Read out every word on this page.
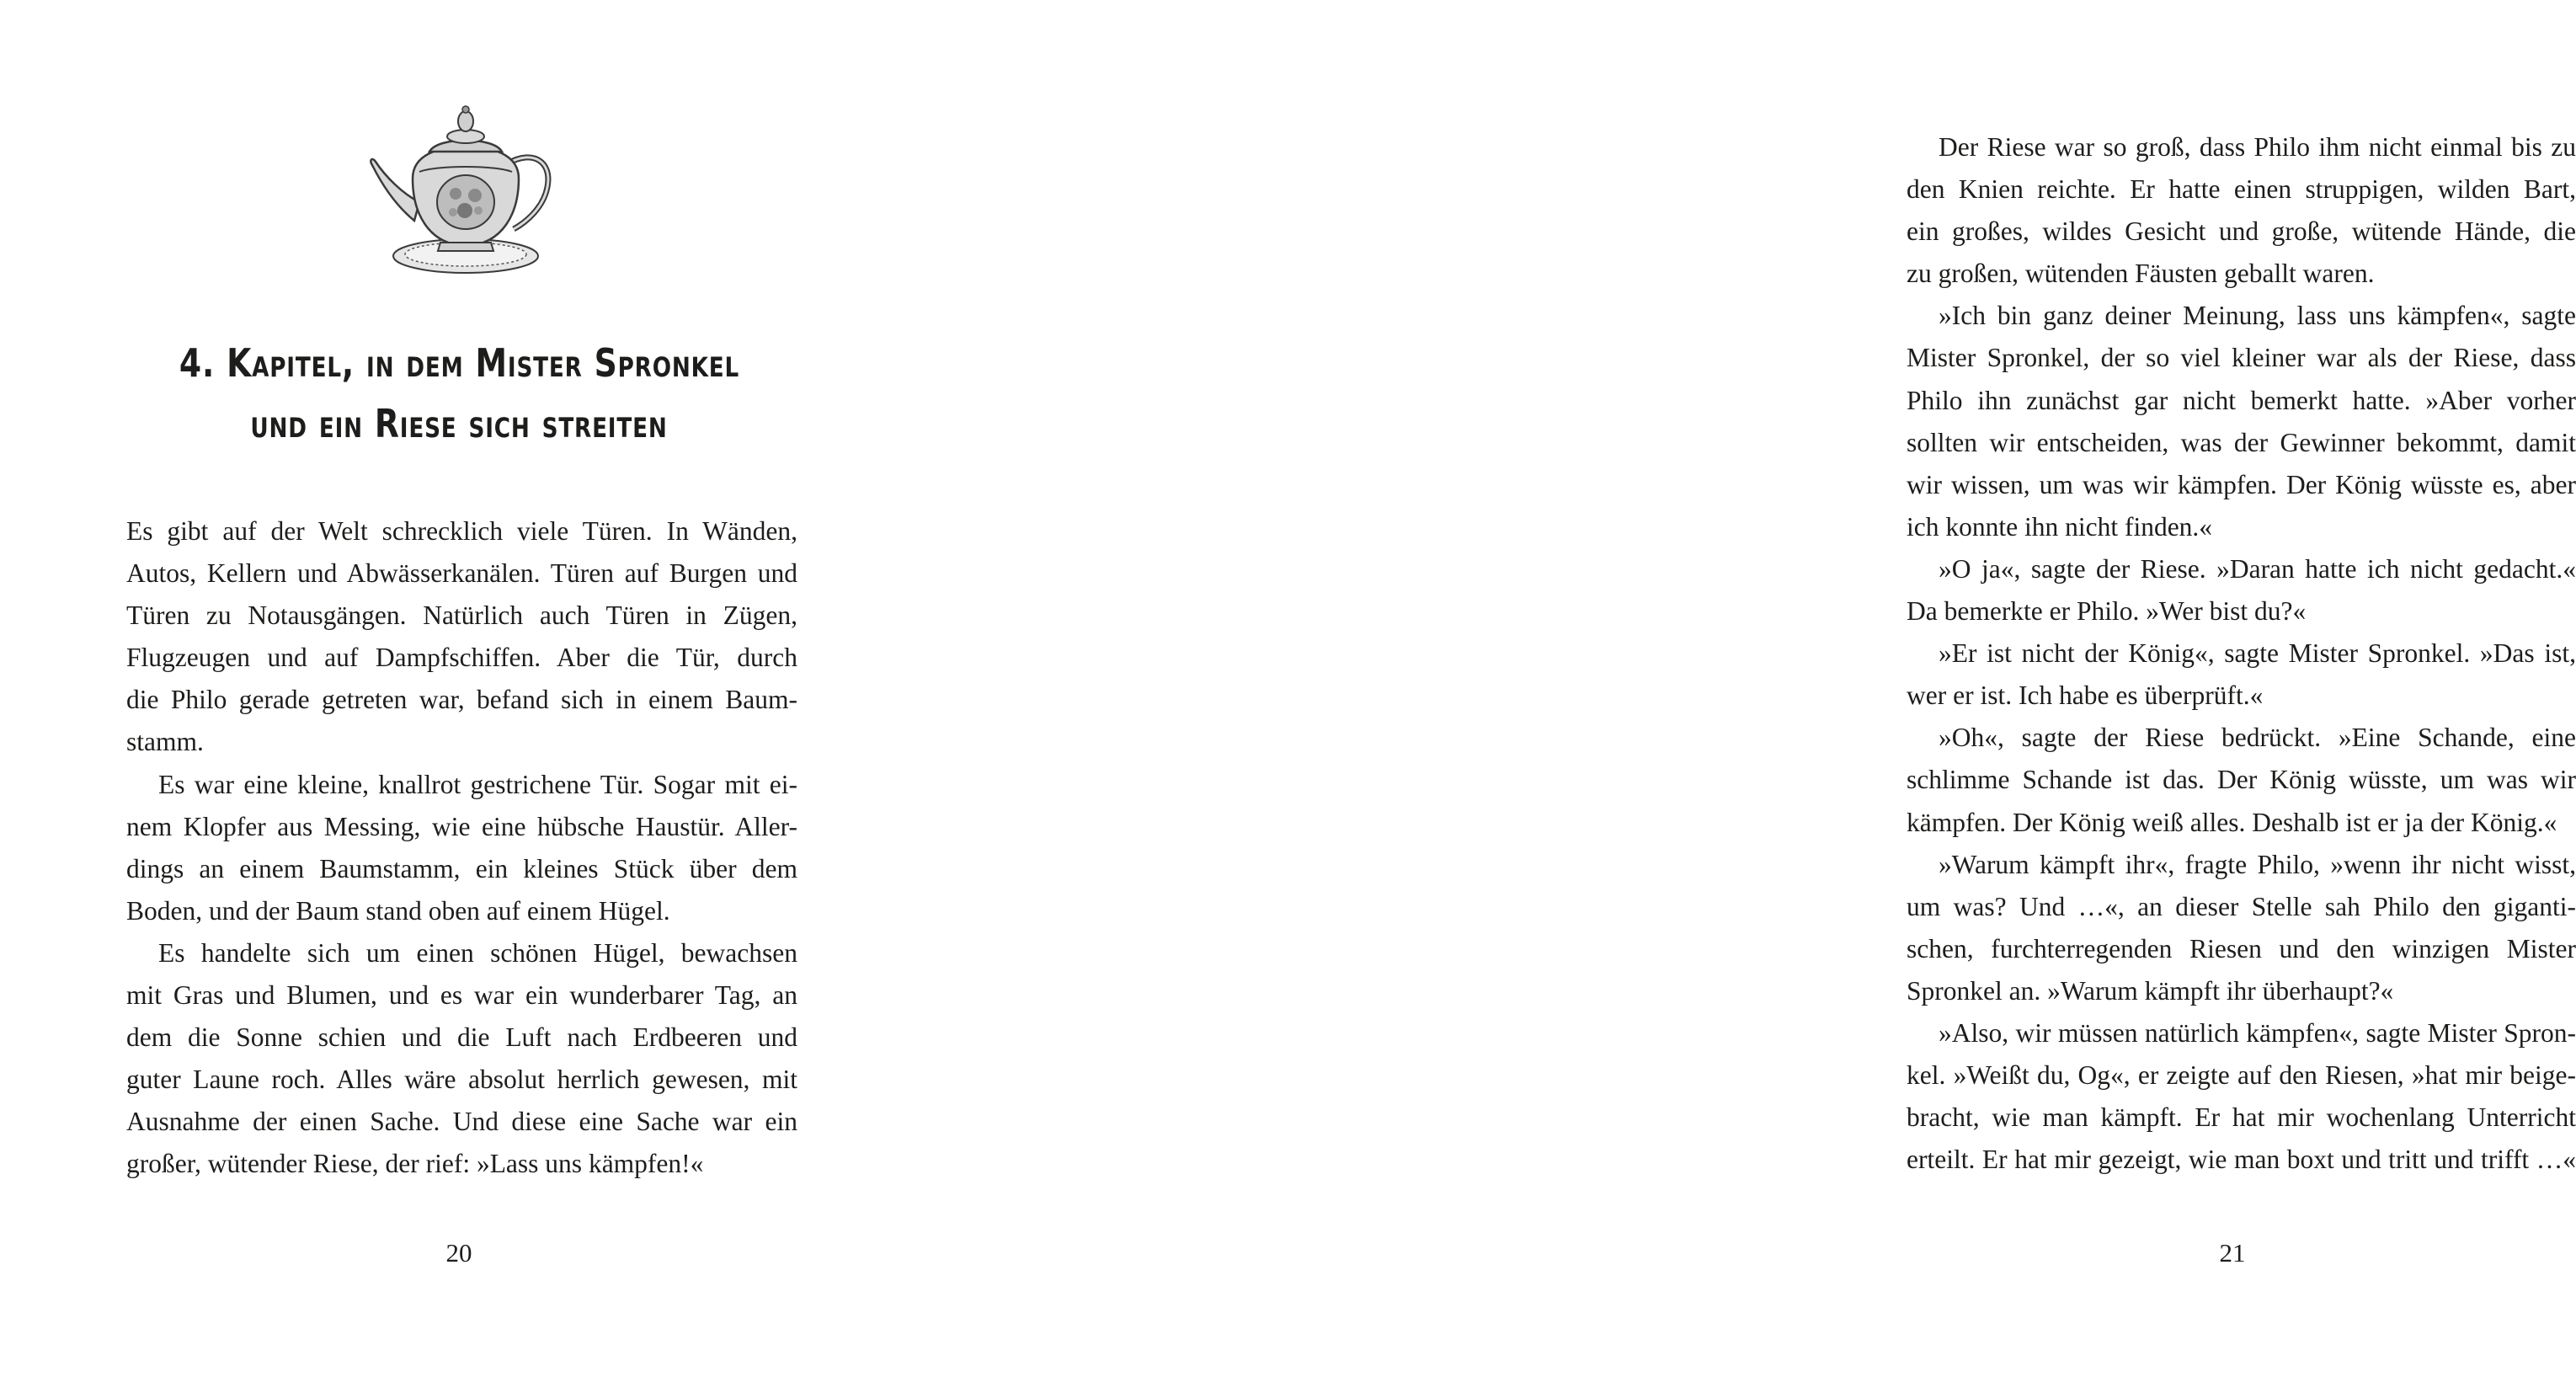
4. Kapitel, in dem Mister Spronkel
und ein Riese sich streiten
Es gibt auf der Welt schrecklich viele Türen. In Wänden,
Autos, Kellern und Abwässerkanälen. Türen auf Burgen und
Türen zu Notausgängen. Natürlich auch Türen in Zügen,
Flugzeugen und auf Dampfschiffen. Aber die Tür, durch
die Philo gerade getreten war, befand sich in einem Baum-
stamm.
Es war eine kleine, knallrot gestrichene Tür. Sogar mit ei-
nem Klopfer aus Messing, wie eine hübsche Haustür. Aller-
dings an einem Baumstamm, ein kleines Stück über dem
Boden, und der Baum stand oben auf einem Hügel.
Es handelte sich um einen schönen Hügel, bewachsen
mit Gras und Blumen, und es war ein wunderbarer Tag, an
dem die Sonne schien und die Luft nach Erdbeeren und
guter Laune roch. Alles wäre absolut herrlich gewesen, mit
Ausnahme der einen Sache. Und diese eine Sache war ein
großer, wütender Riese, der rief: »Lass uns kämpfen!«
20
Der Riese war so groß, dass Philo ihm nicht einmal bis zu
den Knien reichte. Er hatte einen struppigen, wilden Bart,
ein großes, wildes Gesicht und große, wütende Hände, die
zu großen, wütenden Fäusten geballt waren.
»Ich bin ganz deiner Meinung, lass uns kämpfen«, sagte
Mister Spronkel, der so viel kleiner war als der Riese, dass
Philo ihn zunächst gar nicht bemerkt hatte. »Aber vorher
sollten wir entscheiden, was der Gewinner bekommt, damit
wir wissen, um was wir kämpfen. Der König wüsste es, aber
ich konnte ihn nicht finden.«
»O ja«, sagte der Riese. »Daran hatte ich nicht gedacht.«
Da bemerkte er Philo. »Wer bist du?«
»Er ist nicht der König«, sagte Mister Spronkel. »Das ist,
wer er ist. Ich habe es überprüft.«
»Oh«, sagte der Riese bedrückt. »Eine Schande, eine
schlimme Schande ist das. Der König wüsste, um was wir
kämpfen. Der König weiß alles. Deshalb ist er ja der König.«
»Warum kämpft ihr«, fragte Philo, »wenn ihr nicht wisst,
um was? Und …«, an dieser Stelle sah Philo den giganti-
schen, furchterregenden Riesen und den winzigen Mister
Spronkel an. »Warum kämpft ihr überhaupt?«
»Also, wir müssen natürlich kämpfen«, sagte Mister Spron-
kel. »Weißt du, Og«, er zeigte auf den Riesen, »hat mir beige-
bracht, wie man kämpft. Er hat mir wochenlang Unterricht
erteilt. Er hat mir gezeigt, wie man boxt und tritt und trifft …«
21
